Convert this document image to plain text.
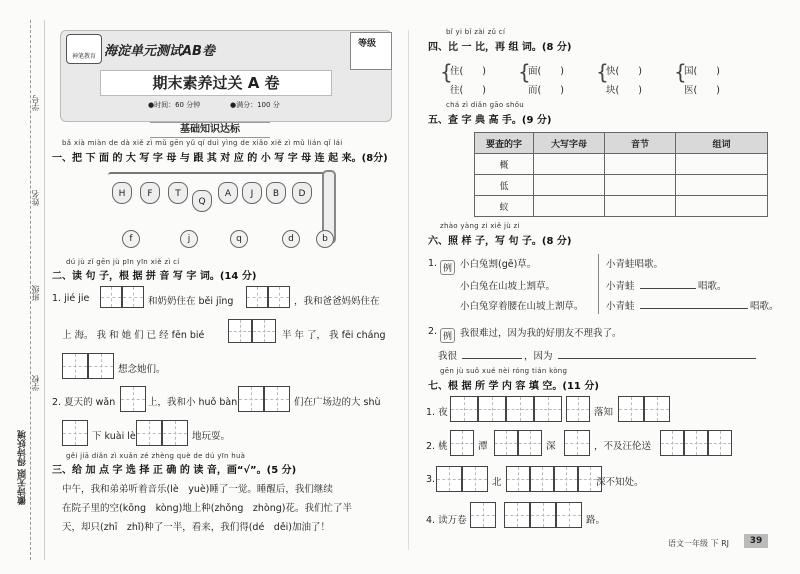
学号
姓名
班级
学校
徽诗无限 得诗妖境
神笔教育 海淀单元测试AB卷	等级
期末素养过关 A 卷
●时间：60 分钟	●满分：100 分
基础知识达标
bǎ xià miàn de dà xiě zì mǔ gēn yǔ qí duì yìng de xiǎo xiě zì mǔ lián qǐ lái
一、把 下 面 的 大 写 字 母 与 跟 其 对 应 的 小 写 字 母 连 起 来。(8分)
H	F	T
Q
A	J	B	D
f	j	q	d	b
dú jù zǐ gēn jù pīn yīn xiě zì cí
二、读 句 子，根 据 拼 音 写 字 词。(14 分)
1. jié jie	和奶奶住在 běi jīng	，我和爸爸妈妈住在
上 海。 我 和 她 们 已 经 fēn bié	半 年 了， 我 fēi cháng
想念她们。
2. 夏天的 wǎn	上，我和小 huǒ bàn	们在广场边的大 shù
下 kuài lè	地玩耍。
gěi jiā diǎn zì xuǎn zé zhèng què de dú yīn huà
三、给 加 点 字 选 择 正 确 的 读 音，画“√”。(5 分)
中午，我和弟弟听着音乐(lè　yuè)睡了一觉。睡醒后，我们继续
在院子里的空(kōng　kòng)地上种(zhǒng　zhòng)花。我们忙了半
天，却只(zhī　zhǐ)种了一半，看来，我们得(dé　děi)加油了！
bǐ yi bǐ zài zǔ cí
四、比 一 比，再 组 词。(8 分)
{
住(　　)
往(　　)
{
面(　　)
而(　　)
{
快(　　)
块(　　)
{
国(　　)
医(　　)
chá zì diǎn gāo shǒu
五、查 字 典 高 手。(9 分)
要查的字	大写字母	音节	组词
概			
低			
蚁			
zhào yàng zi xiě jù zi
六、照 样 子，写 句 子。(8 分)
1. 例 小白兔割(gē)草。
小白兔在山坡上割草。
小白兔穿着腰在山坡上割草。
小青蛙唱歌。
小青蛙	唱歌。
小青蛙	唱歌。
2. 例 我很难过，因为我的好朋友不理我了。
我很	，因为
gēn jù suǒ xué nèi róng tián kòng
七、根 据 所 学 内 容 填 空。(11 分)
1. 夜	落知
2. 桃	潭	深	，不及汪伦送
3.	北	深不知处。
4. 读万卷	路。
语文一年级 下 RJ	39
